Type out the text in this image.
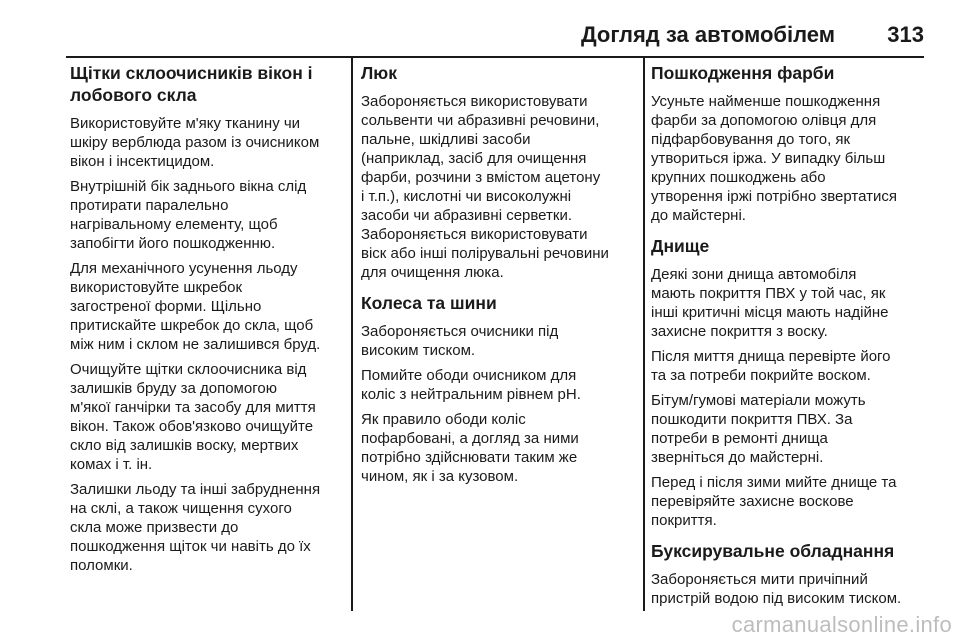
Догляд за автомобілем 313
Щітки склоочисників вікон і
лобового скла

Використовуйте м'яку тканину чи
шкіру верблюда разом із очисником
вікон і інсектицидом.

Внутрішній бік заднього вікна слід
протирати паралельно
нагрівальному елементу, щоб
запобігти його пошкодженню.

Для механічного усунення льоду
використовуйте шкребок
загостреної форми. Щільно
притискайте шкребок до скла, щоб
між ним і склом не залишився бруд.

Очищуйте щітки склоочисника від
залишків бруду за допомогою
м'якої ганчірки та засобу для миття
вікон. Також обов'язково очищуйте
скло від залишків воску, мертвих
комах і т. ін.

Залишки льоду та інші забруднення
на склі, а також чищення сухого
скла може призвести до
пошкодження щіток чи навіть до їх
поломки.

Люк

Забороняється використовувати
сольвенти чи абразивні речовини,
пальне, шкідливі засоби
(наприклад, засіб для очищення
фарби, розчини з вмістом ацетону
і т.п.), кислотні чи високолужні
засоби чи абразивні серветки.
Забороняється використовувати
віск або інші полірувальні речовини
для очищення люка.

Колеса та шини

Забороняється очисники під
високим тиском.

Помийте ободи очисником для
коліс з нейтральним рівнем pH.

Як правило ободи коліс
пофарбовані, а догляд за ними
потрібно здійснювати таким же
чином, як і за кузовом.

Пошкодження фарби

Усуньте найменше пошкодження
фарби за допомогою олівця для
підфарбовування до того, як
утвориться іржа. У випадку більш
крупних пошкоджень або
утворення іржі потрібно звертатися
до майстерні.

Днище

Деякі зони днища автомобіля
мають покриття ПВХ у той час, як
інші критичні місця мають надійне
захисне покриття з воску.

Після миття днища перевірте його
та за потреби покрийте воском.

Бітум/гумові матеріали можуть
пошкодити покриття ПВХ. За
потреби в ремонті днища
зверніться до майстерні.

Перед і після зими мийте днище та
перевіряйте захисне воскове
покриття.

Буксирувальне обладнання

Забороняється мити причіпний
пристрій водою під високим тиском.

carmanualsonline.info
